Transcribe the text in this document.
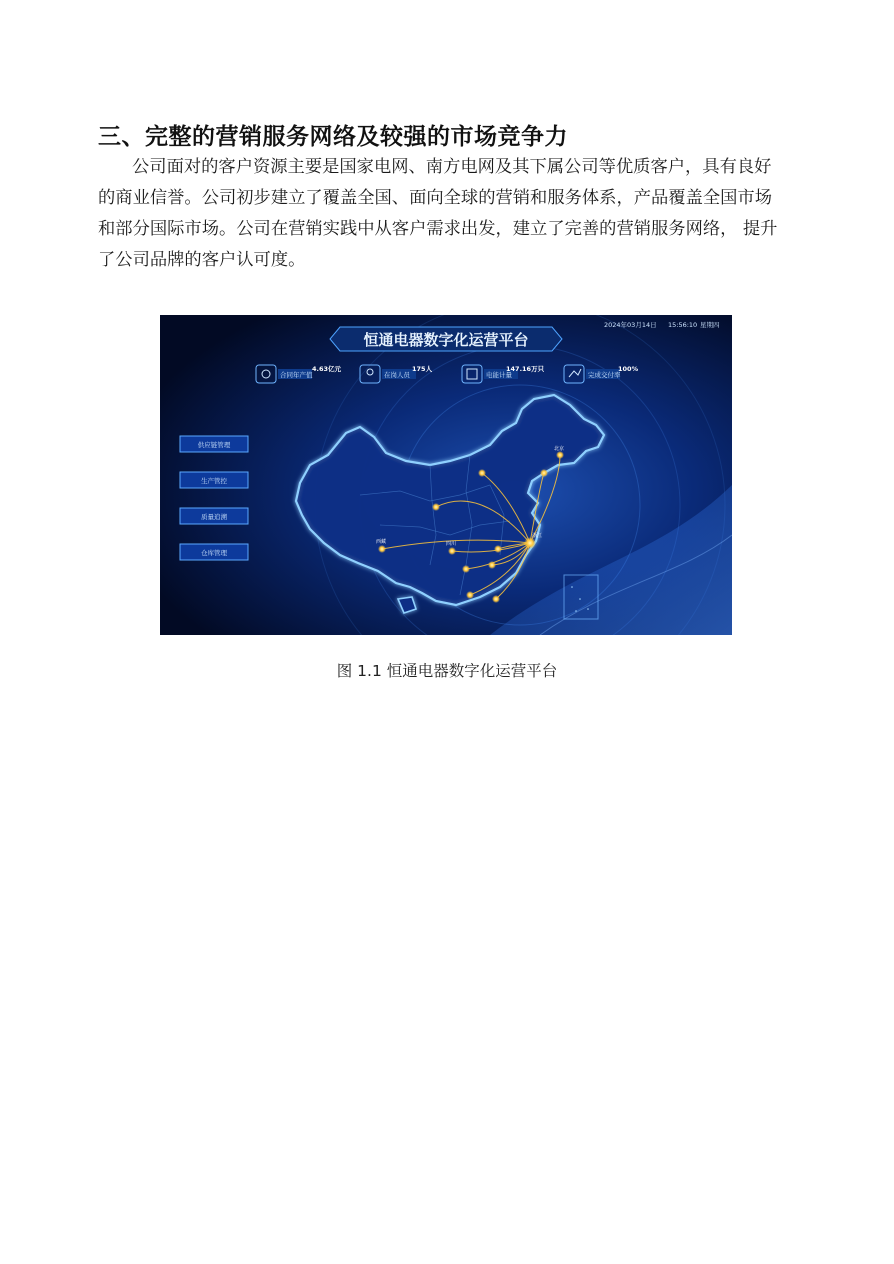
三、完整的营销服务网络及较强的市场竞争力
公司面对的客户资源主要是国家电网、南方电网及其下属公司等优质客户，具有良好
的商业信誉。公司初步建立了覆盖全国、面向全球的营销和服务体系，产品覆盖全国市场
和部分国际市场。公司在营销实践中从客户需求出发，建立了完善的营销服务网络， 提升
了公司品牌的客户认可度。
恒通电器数字化运营平台
2024年03月14日 15:56:10 星期四
合同年产值
4.63亿元
在岗人员
175人
电能计量
147.16万只
完成交付率
100%
供应链管理
生产管控
质量追溯
仓库管理
北京
西藏	四川
浙江
图 1.1 恒通电器数字化运营平台
